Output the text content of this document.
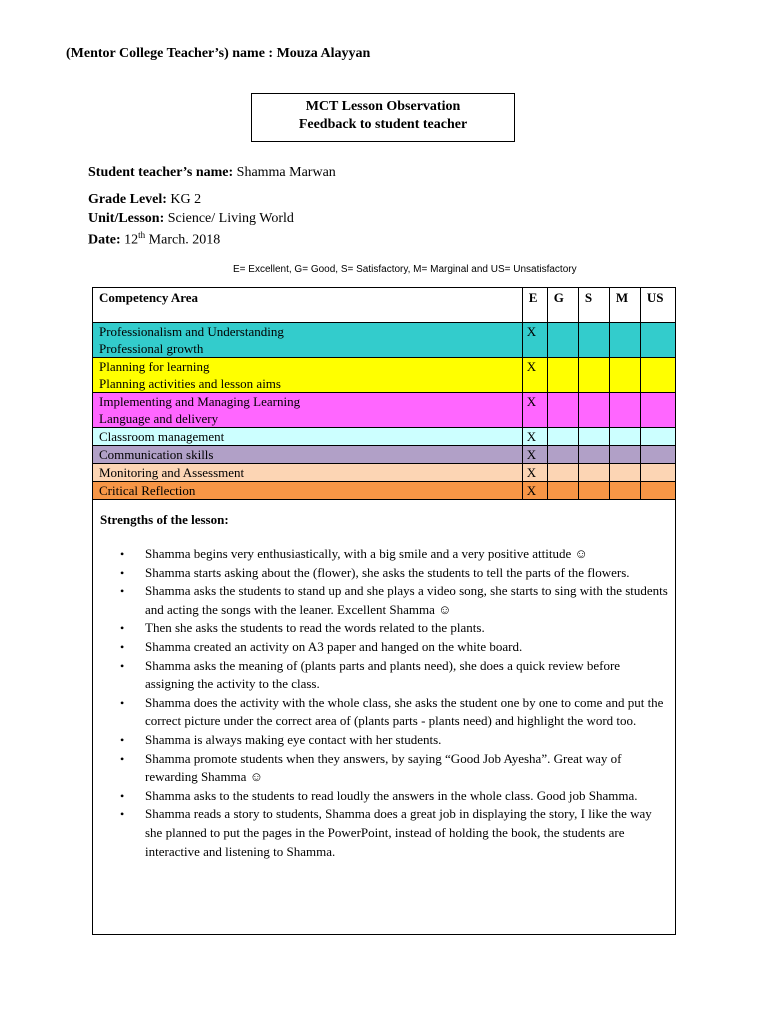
(Mentor College Teacher’s) name : Mouza Alayyan
MCT Lesson Observation
Feedback to student teacher
Student teacher’s name: Shamma Marwan
Grade Level: KG 2
Unit/Lesson: Science/ Living World
Date: 12th March. 2018
E= Excellent, G= Good, S= Satisfactory, M= Marginal and US= Unsatisfactory
Competency Area	E	G	S	M	US

Professionalism and Understanding
Professional growth	X				

Planning for learning
Planning activities and lesson aims	X				

Implementing and Managing Learning
Language and delivery	X				

Classroom management	X				

Communication skills	X				

Monitoring and Assessment	X				

Critical Reflection	X				
Strengths of the lesson:
• Shamma begins very enthusiastically, with a big smile and a very positive attitude ☺
• Shamma starts asking about the (flower), she asks the students to tell the parts of the flowers.
• Shamma asks the students to stand up and she plays a video song, she starts to sing with the students and acting the songs with the leaner. Excellent Shamma ☺
• Then she asks the students to read the words related to the plants.
• Shamma created an activity on A3 paper and hanged on the white board.
• Shamma asks the meaning of (plants parts and plants need), she does a quick review before assigning the activity to the class.
• Shamma does the activity with the whole class, she asks the student one by one to come and put the correct picture under the correct area of (plants parts - plants need) and highlight the word too.
• Shamma is always making eye contact with her students.
• Shamma promote students when they answers, by saying “Good Job Ayesha”. Great way of rewarding Shamma ☺
• Shamma asks to the students to read loudly the answers in the whole class. Good job Shamma.
• Shamma reads a story to students, Shamma does a great job in displaying the story, I like the way she planned to put the pages in the PowerPoint, instead of holding the book, the students are interactive and listening to Shamma.
